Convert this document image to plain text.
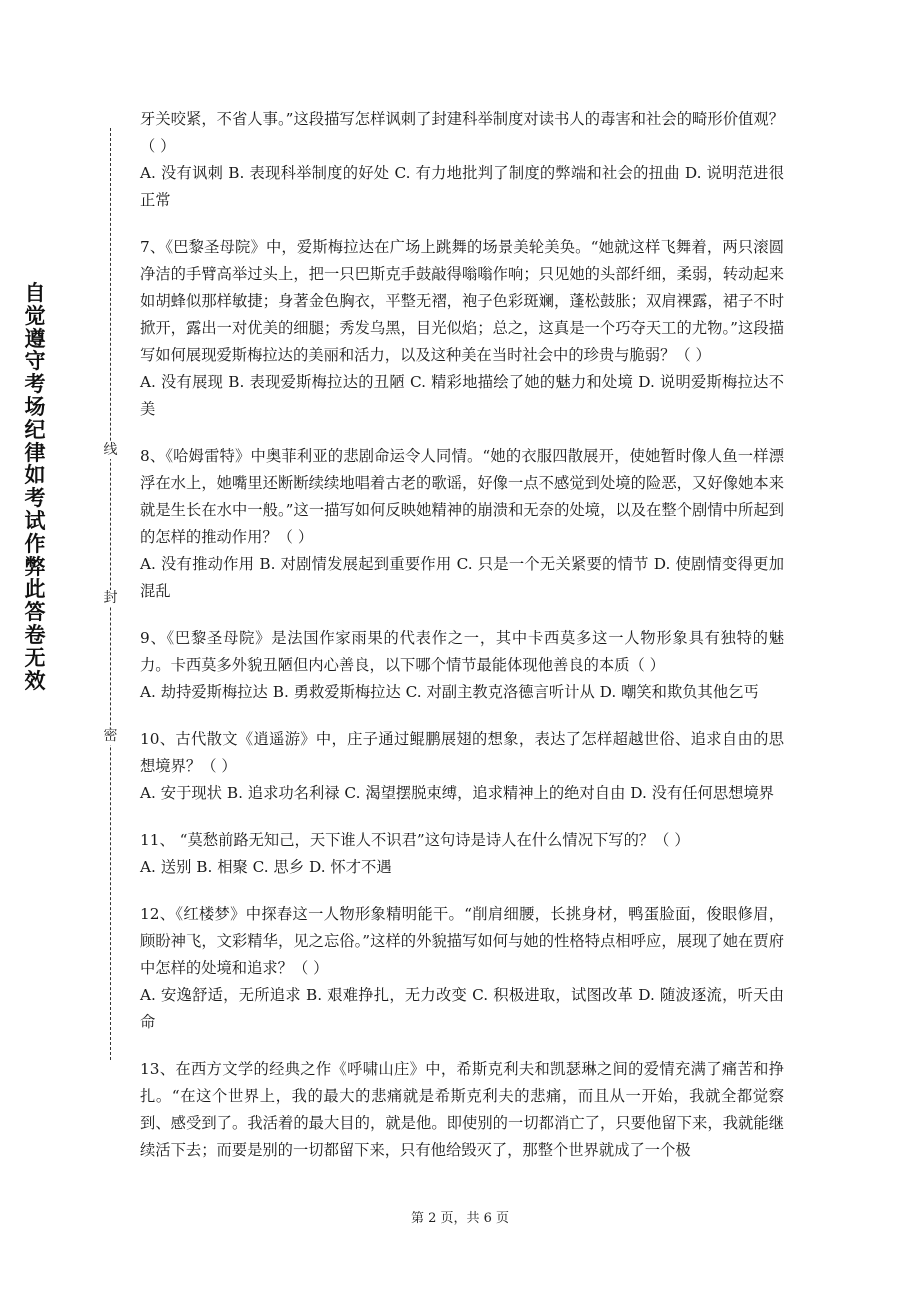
自
觉
遵
守
考
场
纪
律
如
考
试
作
弊
此
答
卷
无
效
线
封
密

牙关咬紧，不省人事。”这段描写怎样讽刺了封建科举制度对读书人的毒害和社会的畸形价值观？（ ）

A. 没有讽刺 B. 表现科举制度的好处 C. 有力地批判了制度的弊端和社会的扭曲 D. 说明范进很正常

7、《巴黎圣母院》中，爱斯梅拉达在广场上跳舞的场景美轮美奂。“她就这样飞舞着，两只滚圆净洁的手臂高举过头上，把一只巴斯克手鼓敲得嗡嗡作响；只见她的头部纤细，柔弱，转动起来如胡蜂似那样敏捷；身著金色胸衣，平整无褶，袍子色彩斑斓，蓬松鼓胀；双肩裸露，裙子不时掀开，露出一对优美的细腿；秀发乌黑，目光似焰；总之，这真是一个巧夺天工的尤物。”这段描写如何展现爱斯梅拉达的美丽和活力，以及这种美在当时社会中的珍贵与脆弱？（ ）

A. 没有展现 B. 表现爱斯梅拉达的丑陋 C. 精彩地描绘了她的魅力和处境 D. 说明爱斯梅拉达不美

8、《哈姆雷特》中奥菲利亚的悲剧命运令人同情。“她的衣服四散展开，使她暂时像人鱼一样漂浮在水上，她嘴里还断断续续地唱着古老的歌谣，好像一点不感觉到处境的险恶，又好像她本来就是生长在水中一般。”这一描写如何反映她精神的崩溃和无奈的处境，以及在整个剧情中所起到的怎样的推动作用？（ ）

A. 没有推动作用 B. 对剧情发展起到重要作用 C. 只是一个无关紧要的情节 D. 使剧情变得更加混乱

9、《巴黎圣母院》是法国作家雨果的代表作之一，其中卡西莫多这一人物形象具有独特的魅力。卡西莫多外貌丑陋但内心善良，以下哪个情节最能体现他善良的本质（ ）

A. 劫持爱斯梅拉达 B. 勇救爱斯梅拉达 C. 对副主教克洛德言听计从 D. 嘲笑和欺负其他乞丐

10、古代散文《逍遥游》中，庄子通过鲲鹏展翅的想象，表达了怎样超越世俗、追求自由的思想境界？（ ）

A. 安于现状 B. 追求功名利禄 C. 渴望摆脱束缚，追求精神上的绝对自由 D. 没有任何思想境界

11、 “莫愁前路无知己，天下谁人不识君”这句诗是诗人在什么情况下写的？（ ）

A. 送别 B. 相聚 C. 思乡 D. 怀才不遇

12、《红楼梦》中探春这一人物形象精明能干。“削肩细腰，长挑身材，鸭蛋脸面，俊眼修眉，顾盼神飞，文彩精华，见之忘俗。”这样的外貌描写如何与她的性格特点相呼应，展现了她在贾府中怎样的处境和追求？（ ）

A. 安逸舒适，无所追求 B. 艰难挣扎，无力改变 C. 积极进取，试图改革 D. 随波逐流，听天由命

13、在西方文学的经典之作《呼啸山庄》中，希斯克利夫和凯瑟琳之间的爱情充满了痛苦和挣扎。“在这个世界上，我的最大的悲痛就是希斯克利夫的悲痛，而且从一开始，我就全都觉察到、感受到了。我活着的最大目的，就是他。即使别的一切都消亡了，只要他留下来，我就能继续活下去；而要是别的一切都留下来，只有他给毁灭了，那整个世界就成了一个极

第 2 页，共 6 页
